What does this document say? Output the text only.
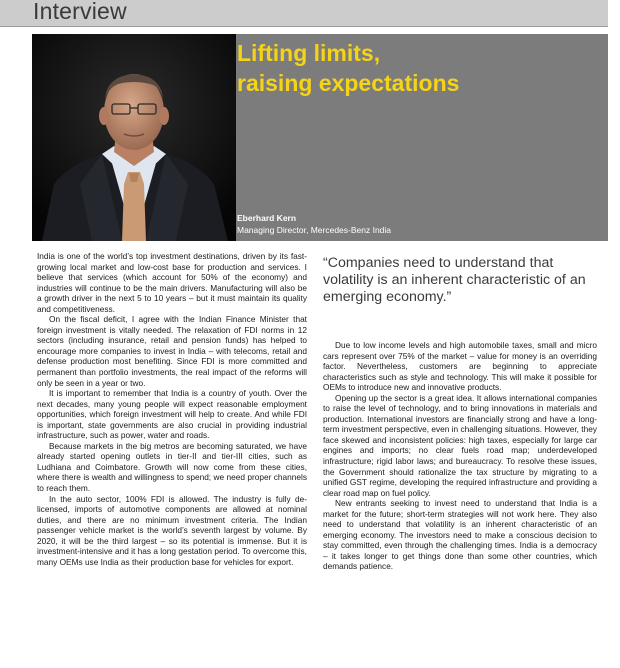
Interview
Lifting limits,
raising expectations
Eberhard Kern
Managing Director, Mercedes-Benz India

India is one of the world’s top investment destinations, driven by its fast-growing local market and low-cost base for production and services. I believe that services (which account for 50% of the economy) and industries will continue to be the main drivers. Manufacturing will also be a growth driver in the next 5 to 10 years – but it must maintain its quality and competitiveness.

On the fiscal deficit, I agree with the Indian Finance Minister that foreign investment is vitally needed. The relaxation of FDI norms in 12 sectors (including insurance, retail and pension funds) has helped to encourage more companies to invest in India – with telecoms, retail and defense production most benefiting. Since FDI is more committed and permanent than portfolio investments, the real impact of the reforms will only be seen in a year or two.

It is important to remember that India is a country of youth. Over the next decades, many young people will expect reasonable employment opportunities, which foreign investment will help to create. And while FDI is important, state governments are also crucial in providing industrial infrastructure, such as power, water and roads.

Because markets in the big metros are becoming saturated, we have already started opening outlets in tier-II and tier-III cities, such as Ludhiana and Coimbatore. Growth will now come from these cities, where there is wealth and willingness to spend; we need proper channels to reach them.

In the auto sector, 100% FDI is allowed. The industry is fully de-licensed, imports of automotive components are allowed at nominal duties, and there are no minimum investment criteria. The Indian passenger vehicle market is the world’s seventh largest by volume. By 2020, it will be the third largest – so its potential is immense. But it is investment-intensive and it has a long gestation period. To overcome this, many OEMs use India as their production base for vehicles for export.

“Companies need to understand that volatility is an inherent characteristic of an emerging economy.”

Due to low income levels and high automobile taxes, small and micro cars represent over 75% of the market – value for money is an overriding factor. Nevertheless, customers are beginning to appreciate characteristics such as style and technology. This will make it possible for OEMs to introduce new and innovative products.

Opening up the sector is a great idea. It allows international companies to raise the level of technology, and to bring innovations in materials and production. International investors are financially strong and have a long-term investment perspective, even in challenging situations. However, they face skewed and inconsistent policies: high taxes, especially for large car engines and imports; no clear fuels road map; underdeveloped infrastructure; rigid labor laws; and bureaucracy. To resolve these issues, the Government should rationalize the tax structure by migrating to a unified GST regime, developing the required infrastructure and providing a clear road map on fuel policy.

New entrants seeking to invest need to understand that India is a market for the future; short-term strategies will not work here. They also need to understand that volatility is an inherent characteristic of an emerging economy. The investors need to make a conscious decision to stay committed, even through the challenging times. India is a democracy – it takes longer to get things done than some other countries, which demands patience.
